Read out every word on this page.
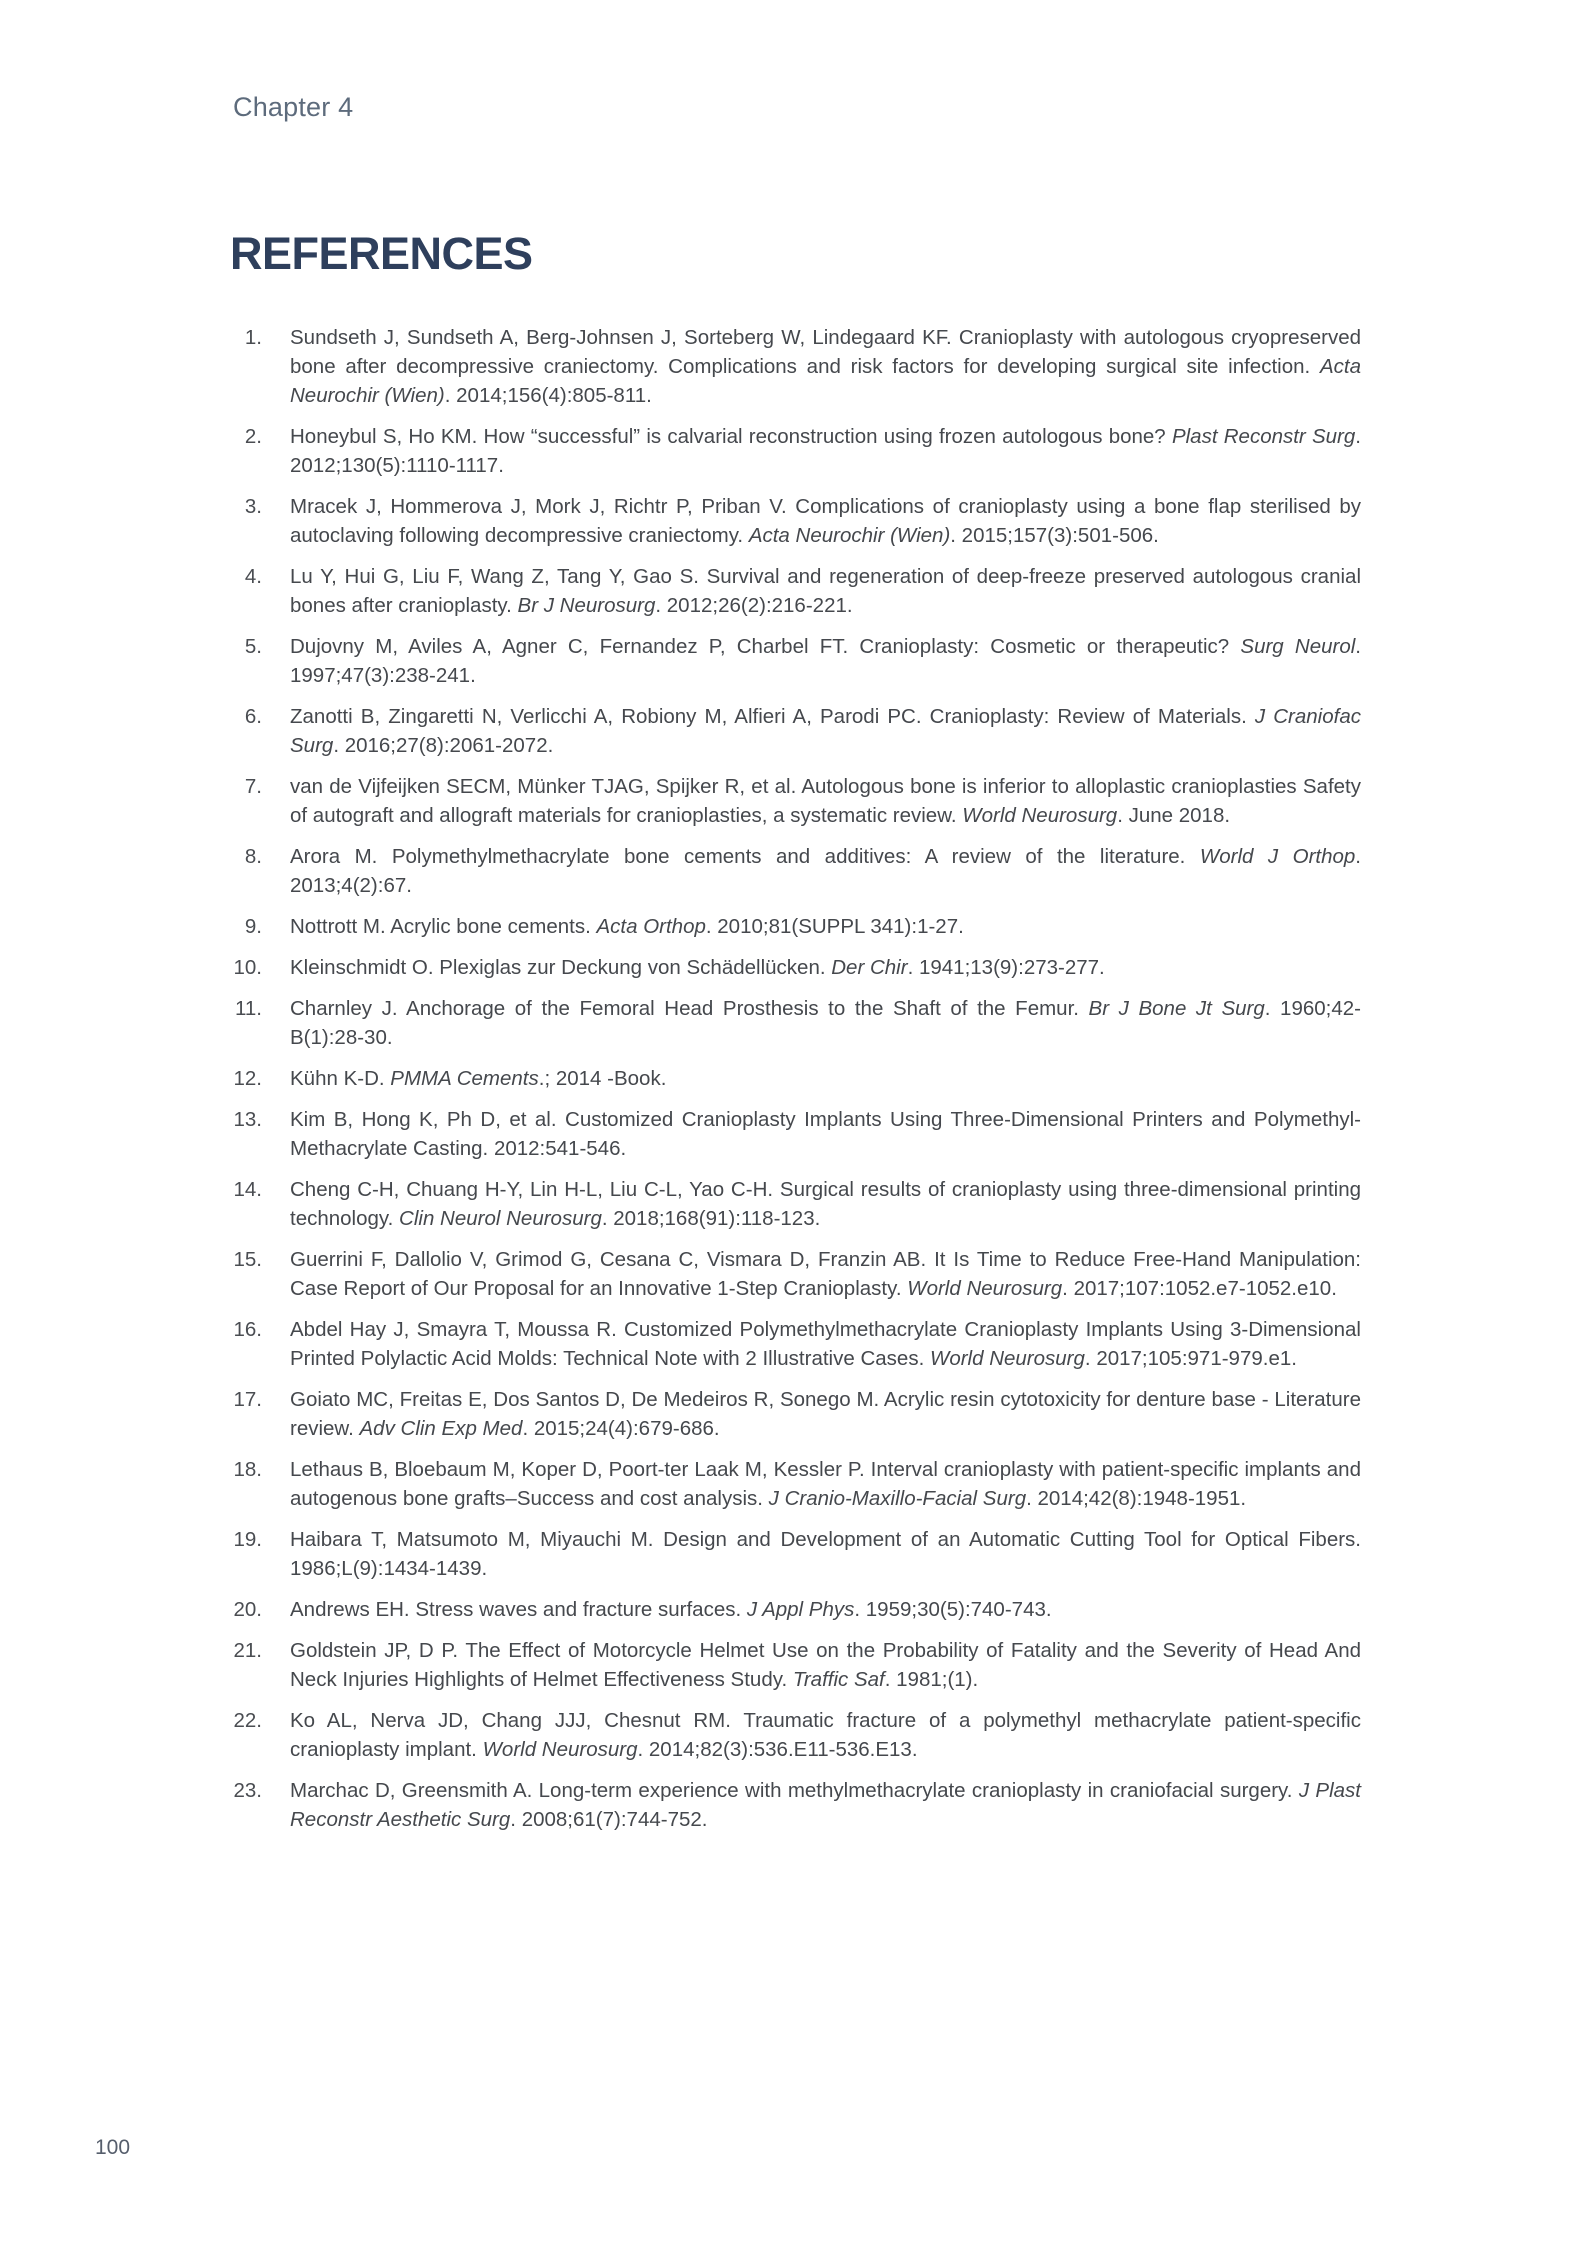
Chapter 4
REFERENCES
1.	Sundseth J, Sundseth A, Berg-Johnsen J, Sorteberg W, Lindegaard KF. Cranioplasty with autologous cryopreserved bone after decompressive craniectomy. Complications and risk factors for developing surgical site infection. Acta Neurochir (Wien). 2014;156(4):805-811.
2.	Honeybul S, Ho KM. How “successful” is calvarial reconstruction using frozen autologous bone? Plast Reconstr Surg. 2012;130(5):1110-1117.
3.	Mracek J, Hommerova J, Mork J, Richtr P, Priban V. Complications of cranioplasty using a bone flap sterilised by autoclaving following decompressive craniectomy. Acta Neurochir (Wien). 2015;157(3):501-506.
4.	Lu Y, Hui G, Liu F, Wang Z, Tang Y, Gao S. Survival and regeneration of deep-freeze preserved autologous cranial bones after cranioplasty. Br J Neurosurg. 2012;26(2):216-221.
5.	Dujovny M, Aviles A, Agner C, Fernandez P, Charbel FT. Cranioplasty: Cosmetic or therapeutic? Surg Neurol. 1997;47(3):238-241.
6.	Zanotti B, Zingaretti N, Verlicchi A, Robiony M, Alfieri A, Parodi PC. Cranioplasty: Review of Materials. J Craniofac Surg. 2016;27(8):2061-2072.
7.	van de Vijfeijken SECM, Münker TJAG, Spijker R, et al. Autologous bone is inferior to alloplastic cranioplasties Safety of autograft and allograft materials for cranioplasties, a systematic review. World Neurosurg. June 2018.
8.	Arora M. Polymethylmethacrylate bone cements and additives: A review of the literature. World J Orthop. 2013;4(2):67.
9.	Nottrott M. Acrylic bone cements. Acta Orthop. 2010;81(SUPPL 341):1-27.
10.	Kleinschmidt O. Plexiglas zur Deckung von Schädellücken. Der Chir. 1941;13(9):273-277.
11.	Charnley J. Anchorage of the Femoral Head Prosthesis to the Shaft of the Femur. Br J Bone Jt Surg. 1960;42-B(1):28-30.
12.	Kühn K-D. PMMA Cements.; 2014 -Book.
13.	Kim B, Hong K, Ph D, et al. Customized Cranioplasty Implants Using Three-Dimensional Printers and Polymethyl-Methacrylate Casting. 2012:541-546.
14.	Cheng C-H, Chuang H-Y, Lin H-L, Liu C-L, Yao C-H. Surgical results of cranioplasty using three-dimensional printing technology. Clin Neurol Neurosurg. 2018;168(91):118-123.
15.	Guerrini F, Dallolio V, Grimod G, Cesana C, Vismara D, Franzin AB. It Is Time to Reduce Free-Hand Manipulation: Case Report of Our Proposal for an Innovative 1-Step Cranioplasty. World Neurosurg. 2017;107:1052.e7-1052.e10.
16.	Abdel Hay J, Smayra T, Moussa R. Customized Polymethylmethacrylate Cranioplasty Implants Using 3-Dimensional Printed Polylactic Acid Molds: Technical Note with 2 Illustrative Cases. World Neurosurg. 2017;105:971-979.e1.
17.	Goiato MC, Freitas E, Dos Santos D, De Medeiros R, Sonego M. Acrylic resin cytotoxicity for denture base - Literature review. Adv Clin Exp Med. 2015;24(4):679-686.
18.	Lethaus B, Bloebaum M, Koper D, Poort-ter Laak M, Kessler P. Interval cranioplasty with patient-specific implants and autogenous bone grafts–Success and cost analysis. J Cranio-Maxillo-Facial Surg. 2014;42(8):1948-1951.
19.	Haibara T, Matsumoto M, Miyauchi M. Design and Development of an Automatic Cutting Tool for Optical Fibers. 1986;L(9):1434-1439.
20.	Andrews EH. Stress waves and fracture surfaces. J Appl Phys. 1959;30(5):740-743.
21.	Goldstein JP, D P. The Effect of Motorcycle Helmet Use on the Probability of Fatality and the Severity of Head And Neck Injuries Highlights of Helmet Effectiveness Study. Traffic Saf. 1981;(1).
22.	Ko AL, Nerva JD, Chang JJJ, Chesnut RM. Traumatic fracture of a polymethyl methacrylate patient-specific cranioplasty implant. World Neurosurg. 2014;82(3):536.E11-536.E13.
23.	Marchac D, Greensmith A. Long-term experience with methylmethacrylate cranioplasty in craniofacial surgery. J Plast Reconstr Aesthetic Surg. 2008;61(7):744-752.
100
